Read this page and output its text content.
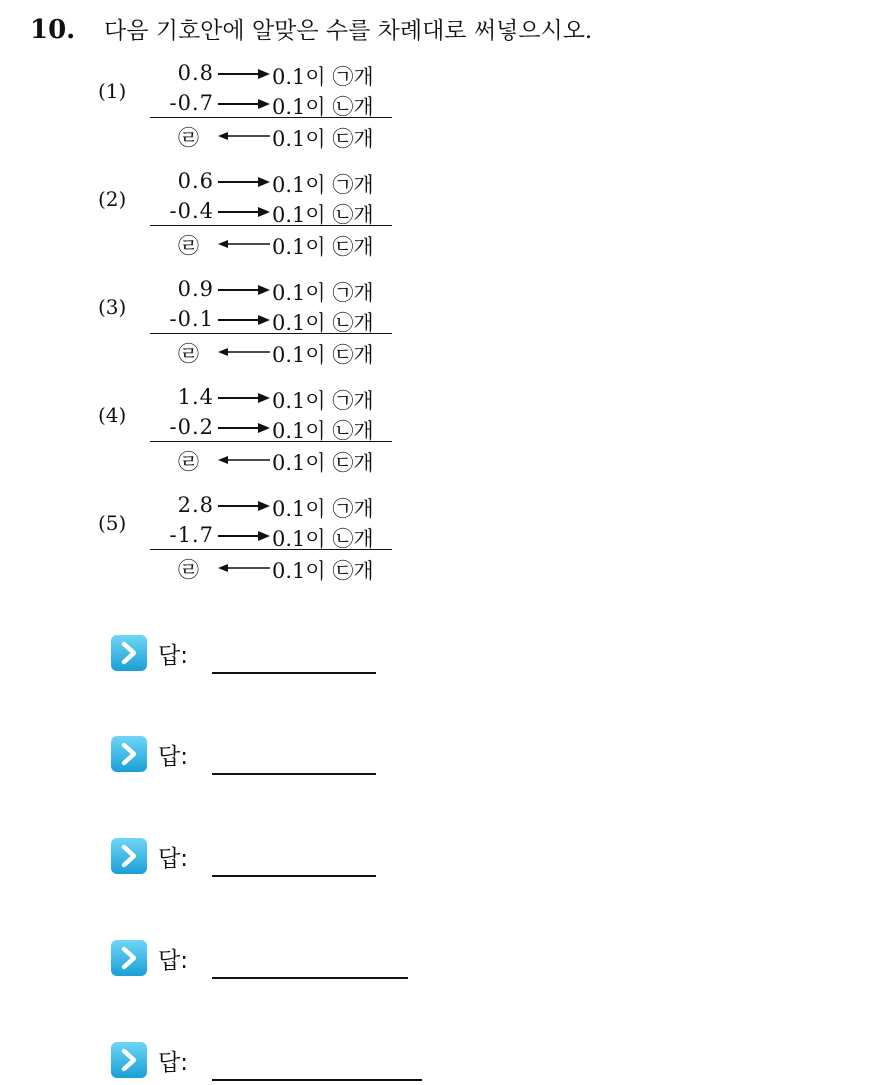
10.	다음 기호안에 알맞은 수를 차례대로 써넣으시오.
(1)
0.8	0.1이 ㉠개
-0.7	0.1이 ㉡개
㉣	0.1이 ㉢개
(2)
0.6	0.1이 ㉠개
-0.4	0.1이 ㉡개
㉣	0.1이 ㉢개
(3)
0.9	0.1이 ㉠개
-0.1	0.1이 ㉡개
㉣	0.1이 ㉢개
(4)
1.4	0.1이 ㉠개
-0.2	0.1이 ㉡개
㉣	0.1이 ㉢개
(5)
2.8	0.1이 ㉠개
-1.7	0.1이 ㉡개
㉣	0.1이 ㉢개
답:
답:
답:
답:
답:
